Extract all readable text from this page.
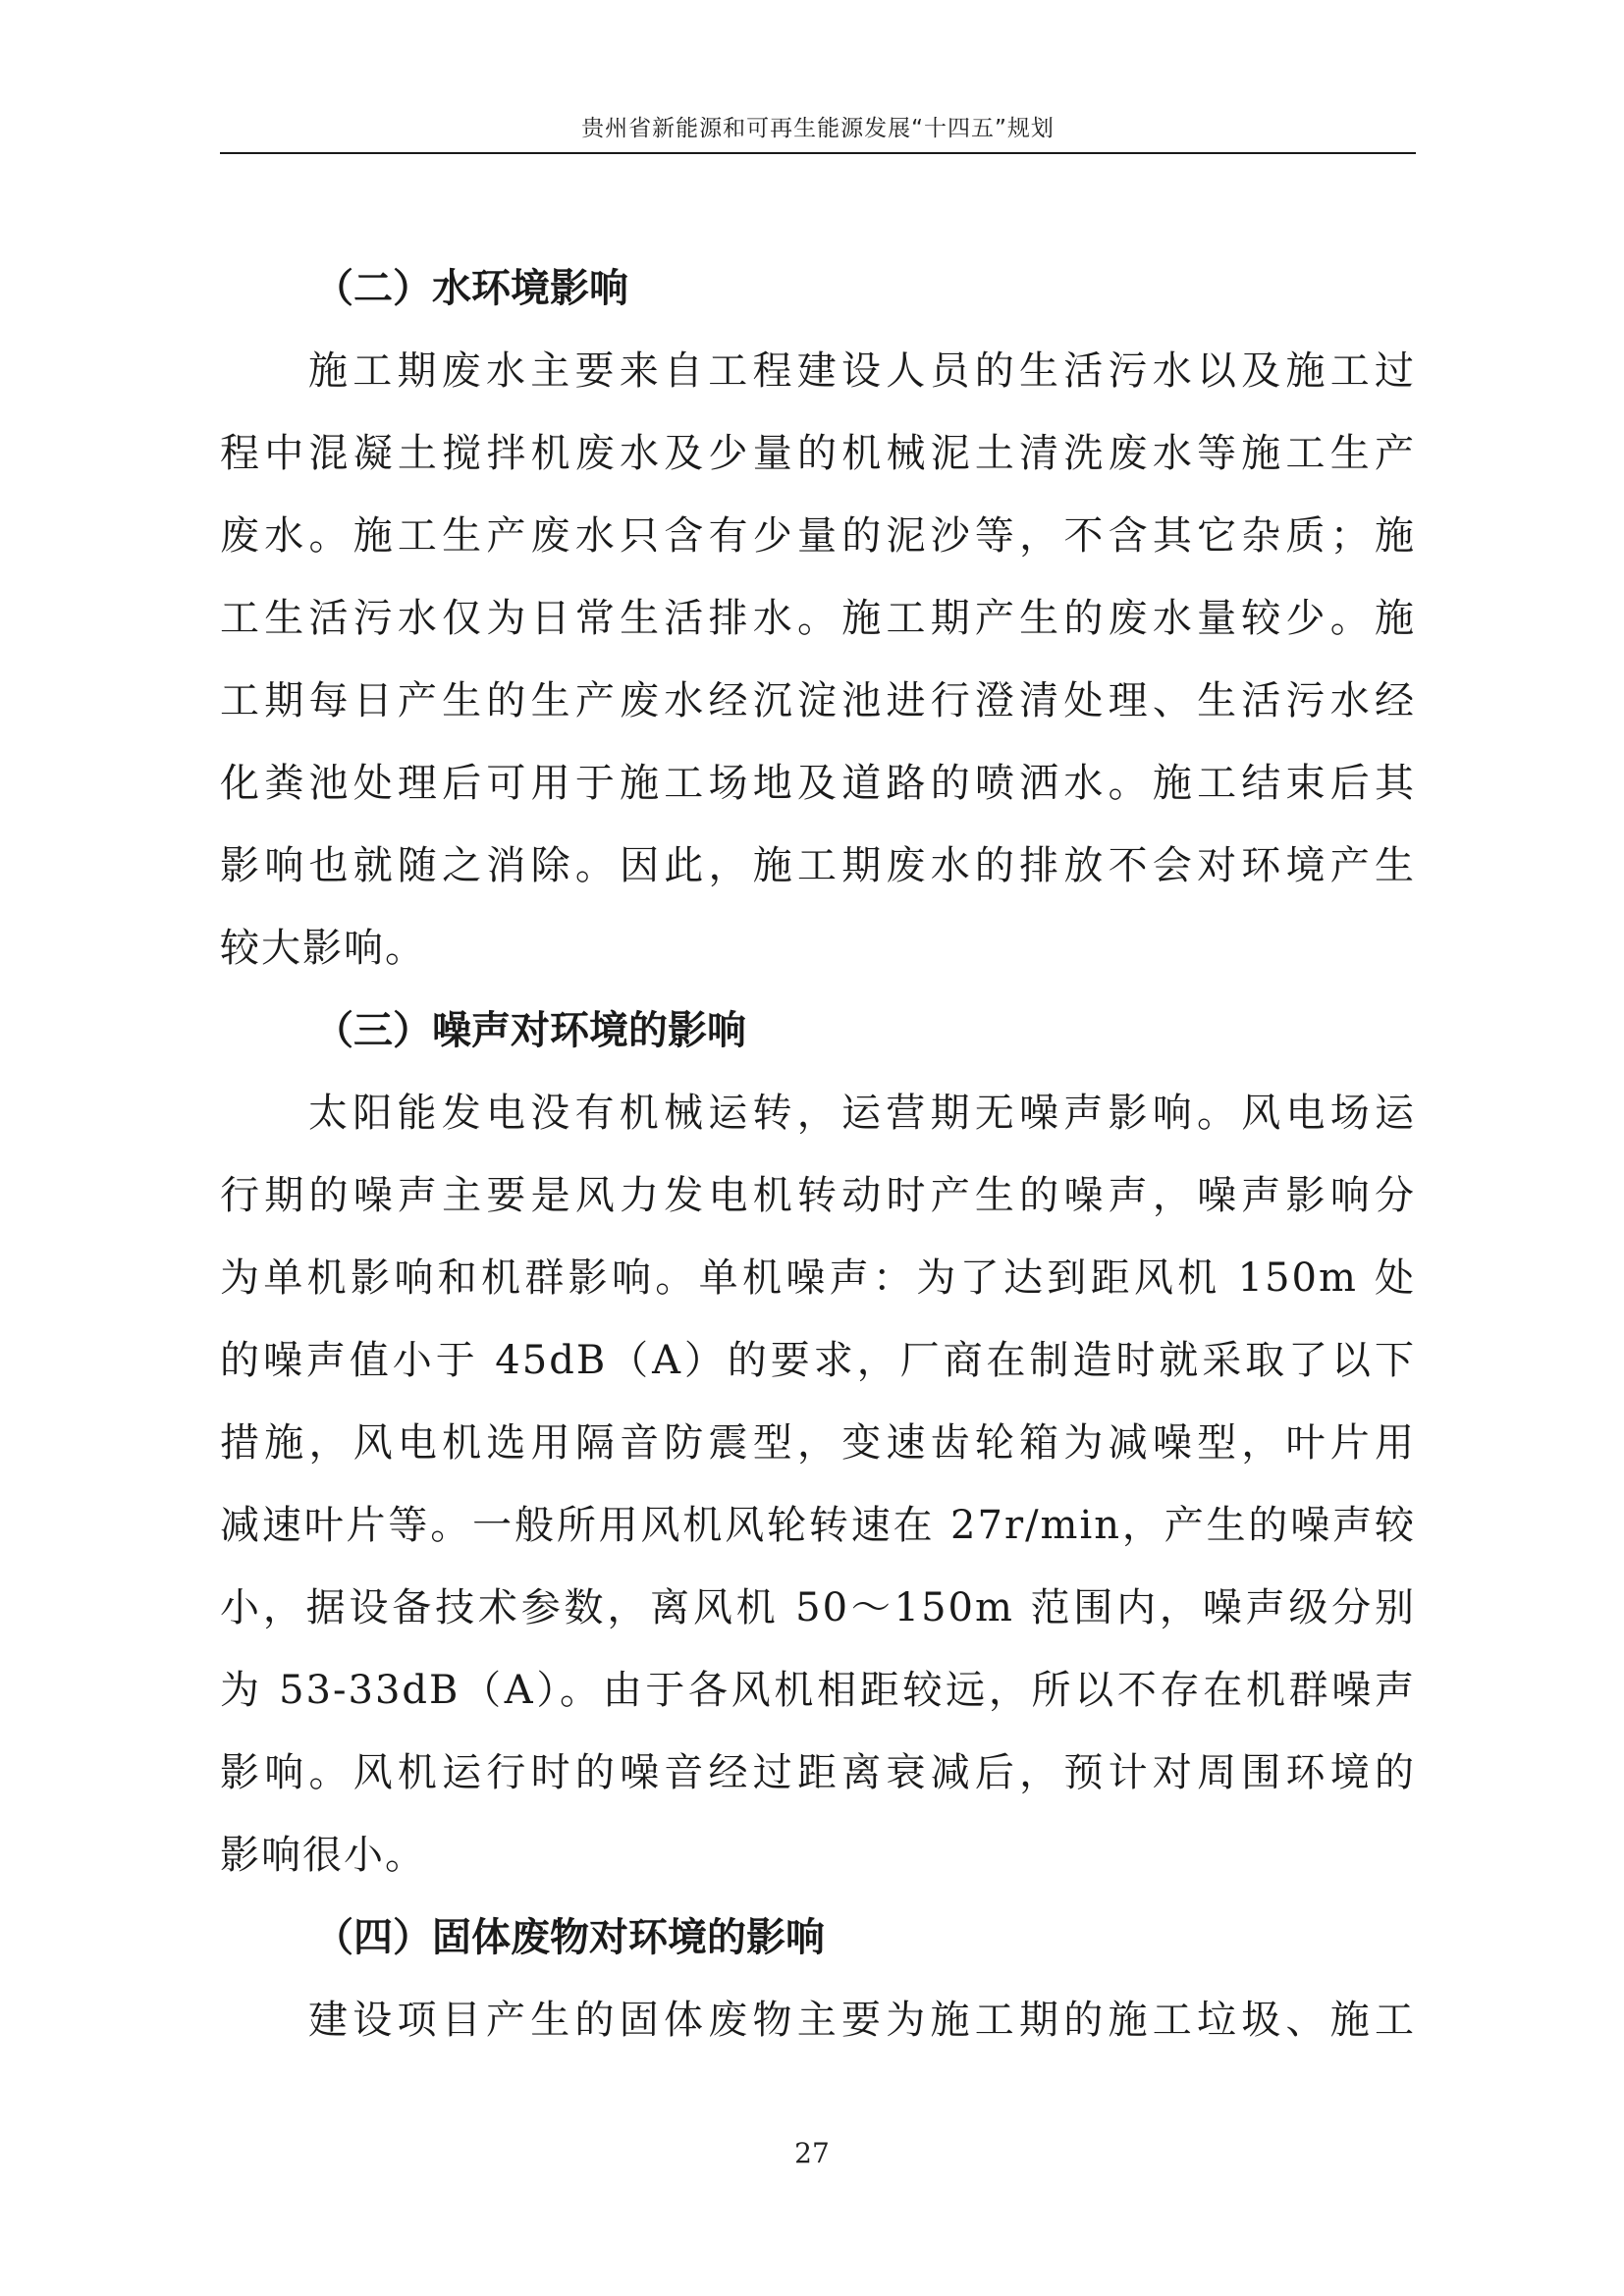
贵州省新能源和可再生能源发展“十四五”规划
（二）水环境影响
施工期废水主要来自工程建设人员的生活污水以及施工过
程中混凝土搅拌机废水及少量的机械泥土清洗废水等施工生产
废水。施工生产废水只含有少量的泥沙等，不含其它杂质；施
工生活污水仅为日常生活排水。施工期产生的废水量较少。施
工期每日产生的生产废水经沉淀池进行澄清处理、生活污水经
化粪池处理后可用于施工场地及道路的喷洒水。施工结束后其
影响也就随之消除。因此，施工期废水的排放不会对环境产生
较大影响。
（三）噪声对环境的影响
太阳能发电没有机械运转，运营期无噪声影响。风电场运
行期的噪声主要是风力发电机转动时产生的噪声，噪声影响分
为单机影响和机群影响。单机噪声：为了达到距风机 150m 处
的噪声值小于 45dB（A）的要求，厂商在制造时就采取了以下
措施，风电机选用隔音防震型，变速齿轮箱为减噪型，叶片用
减速叶片等。一般所用风机风轮转速在 27r/min，产生的噪声较
小，据设备技术参数，离风机 50～150m 范围内，噪声级分别
为 53-33dB（A）。由于各风机相距较远，所以不存在机群噪声
影响。风机运行时的噪音经过距离衰减后，预计对周围环境的
影响很小。
（四）固体废物对环境的影响
建设项目产生的固体废物主要为施工期的施工垃圾、施工
27
